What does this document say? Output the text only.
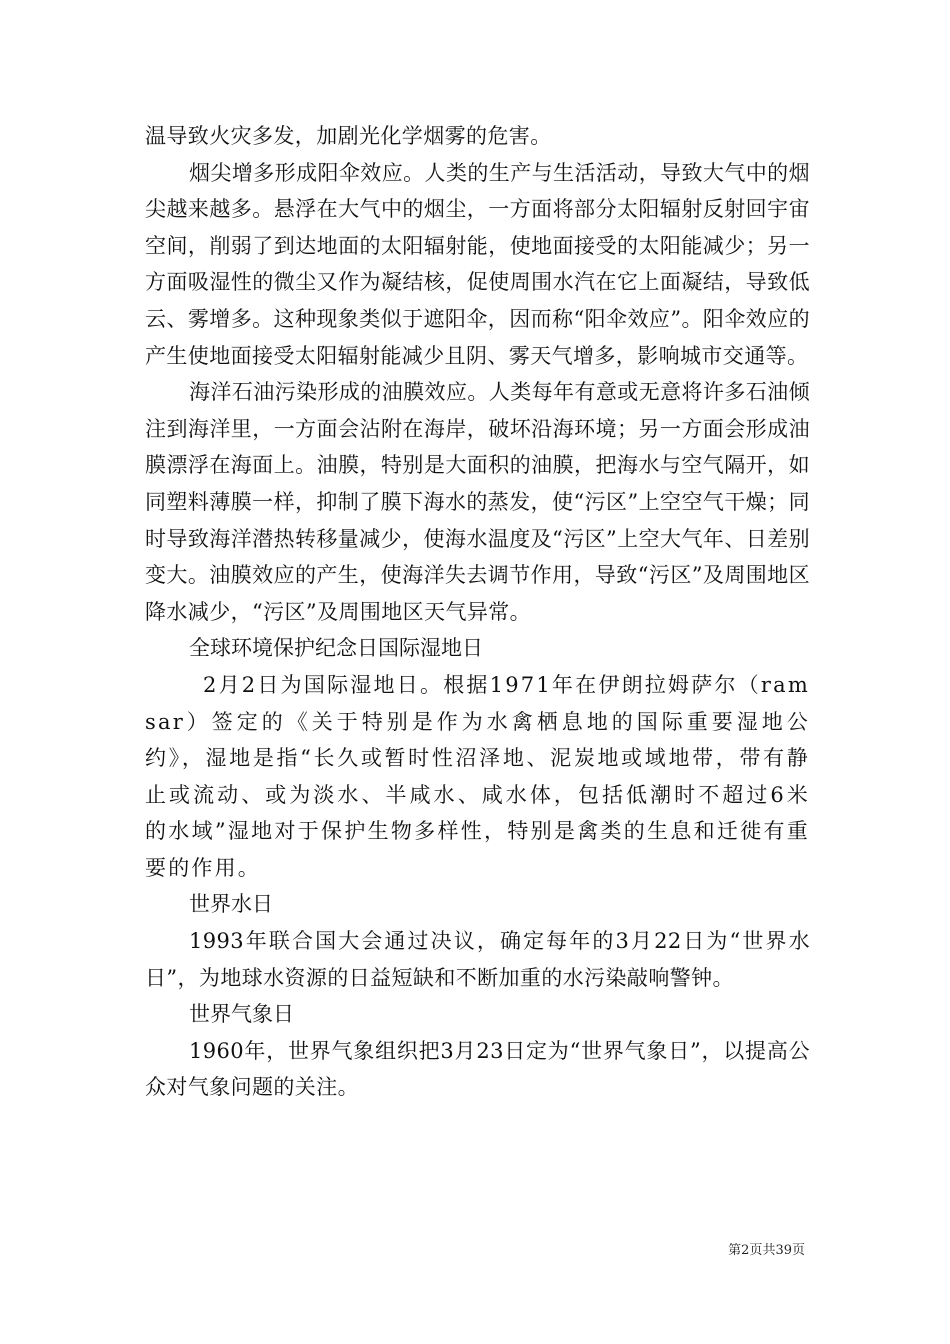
温导致火灾多发，加剧光化学烟雾的危害。

烟尖增多形成阳伞效应。人类的生产与生活活动，导致大气中的烟尖越来越多。悬浮在大气中的烟尘，一方面将部分太阳辐射反射回宇宙空间，削弱了到达地面的太阳辐射能，使地面接受的太阳能减少；另一方面吸湿性的微尘又作为凝结核，促使周围水汽在它上面凝结，导致低云、雾增多。这种现象类似于遮阳伞，因而称“阳伞效应”。阳伞效应的产生使地面接受太阳辐射能减少且阴、雾天气增多，影响城市交通等。

海洋石油污染形成的油膜效应。人类每年有意或无意将许多石油倾注到海洋里，一方面会沾附在海岸，破坏沿海环境；另一方面会形成油膜漂浮在海面上。油膜，特别是大面积的油膜，把海水与空气隔开，如同塑料薄膜一样，抑制了膜下海水的蒸发，使“污区”上空空气干燥；同时导致海洋潜热转移量减少，使海水温度及“污区”上空大气年、日差别变大。油膜效应的产生，使海洋失去调节作用，导致“污区”及周围地区降水减少，“污区”及周围地区天气异常。

全球环境保护纪念日国际湿地日

2月2日为国际湿地日。根据1971年在伊朗拉姆萨尔（ramsar）签定的《关于特别是作为水禽栖息地的国际重要湿地公约》，湿地是指“长久或暂时性沼泽地、泥炭地或域地带，带有静止或流动、或为淡水、半咸水、咸水体，包括低潮时不超过6米的水域”湿地对于保护生物多样性，特别是禽类的生息和迁徙有重要的作用。

世界水日

1993年联合国大会通过决议，确定每年的3月22日为“世界水日”，为地球水资源的日益短缺和不断加重的水污染敲响警钟。

世界气象日

1960年，世界气象组织把3月23日定为“世界气象日”，以提高公众对气象问题的关注。

第2页共39页
